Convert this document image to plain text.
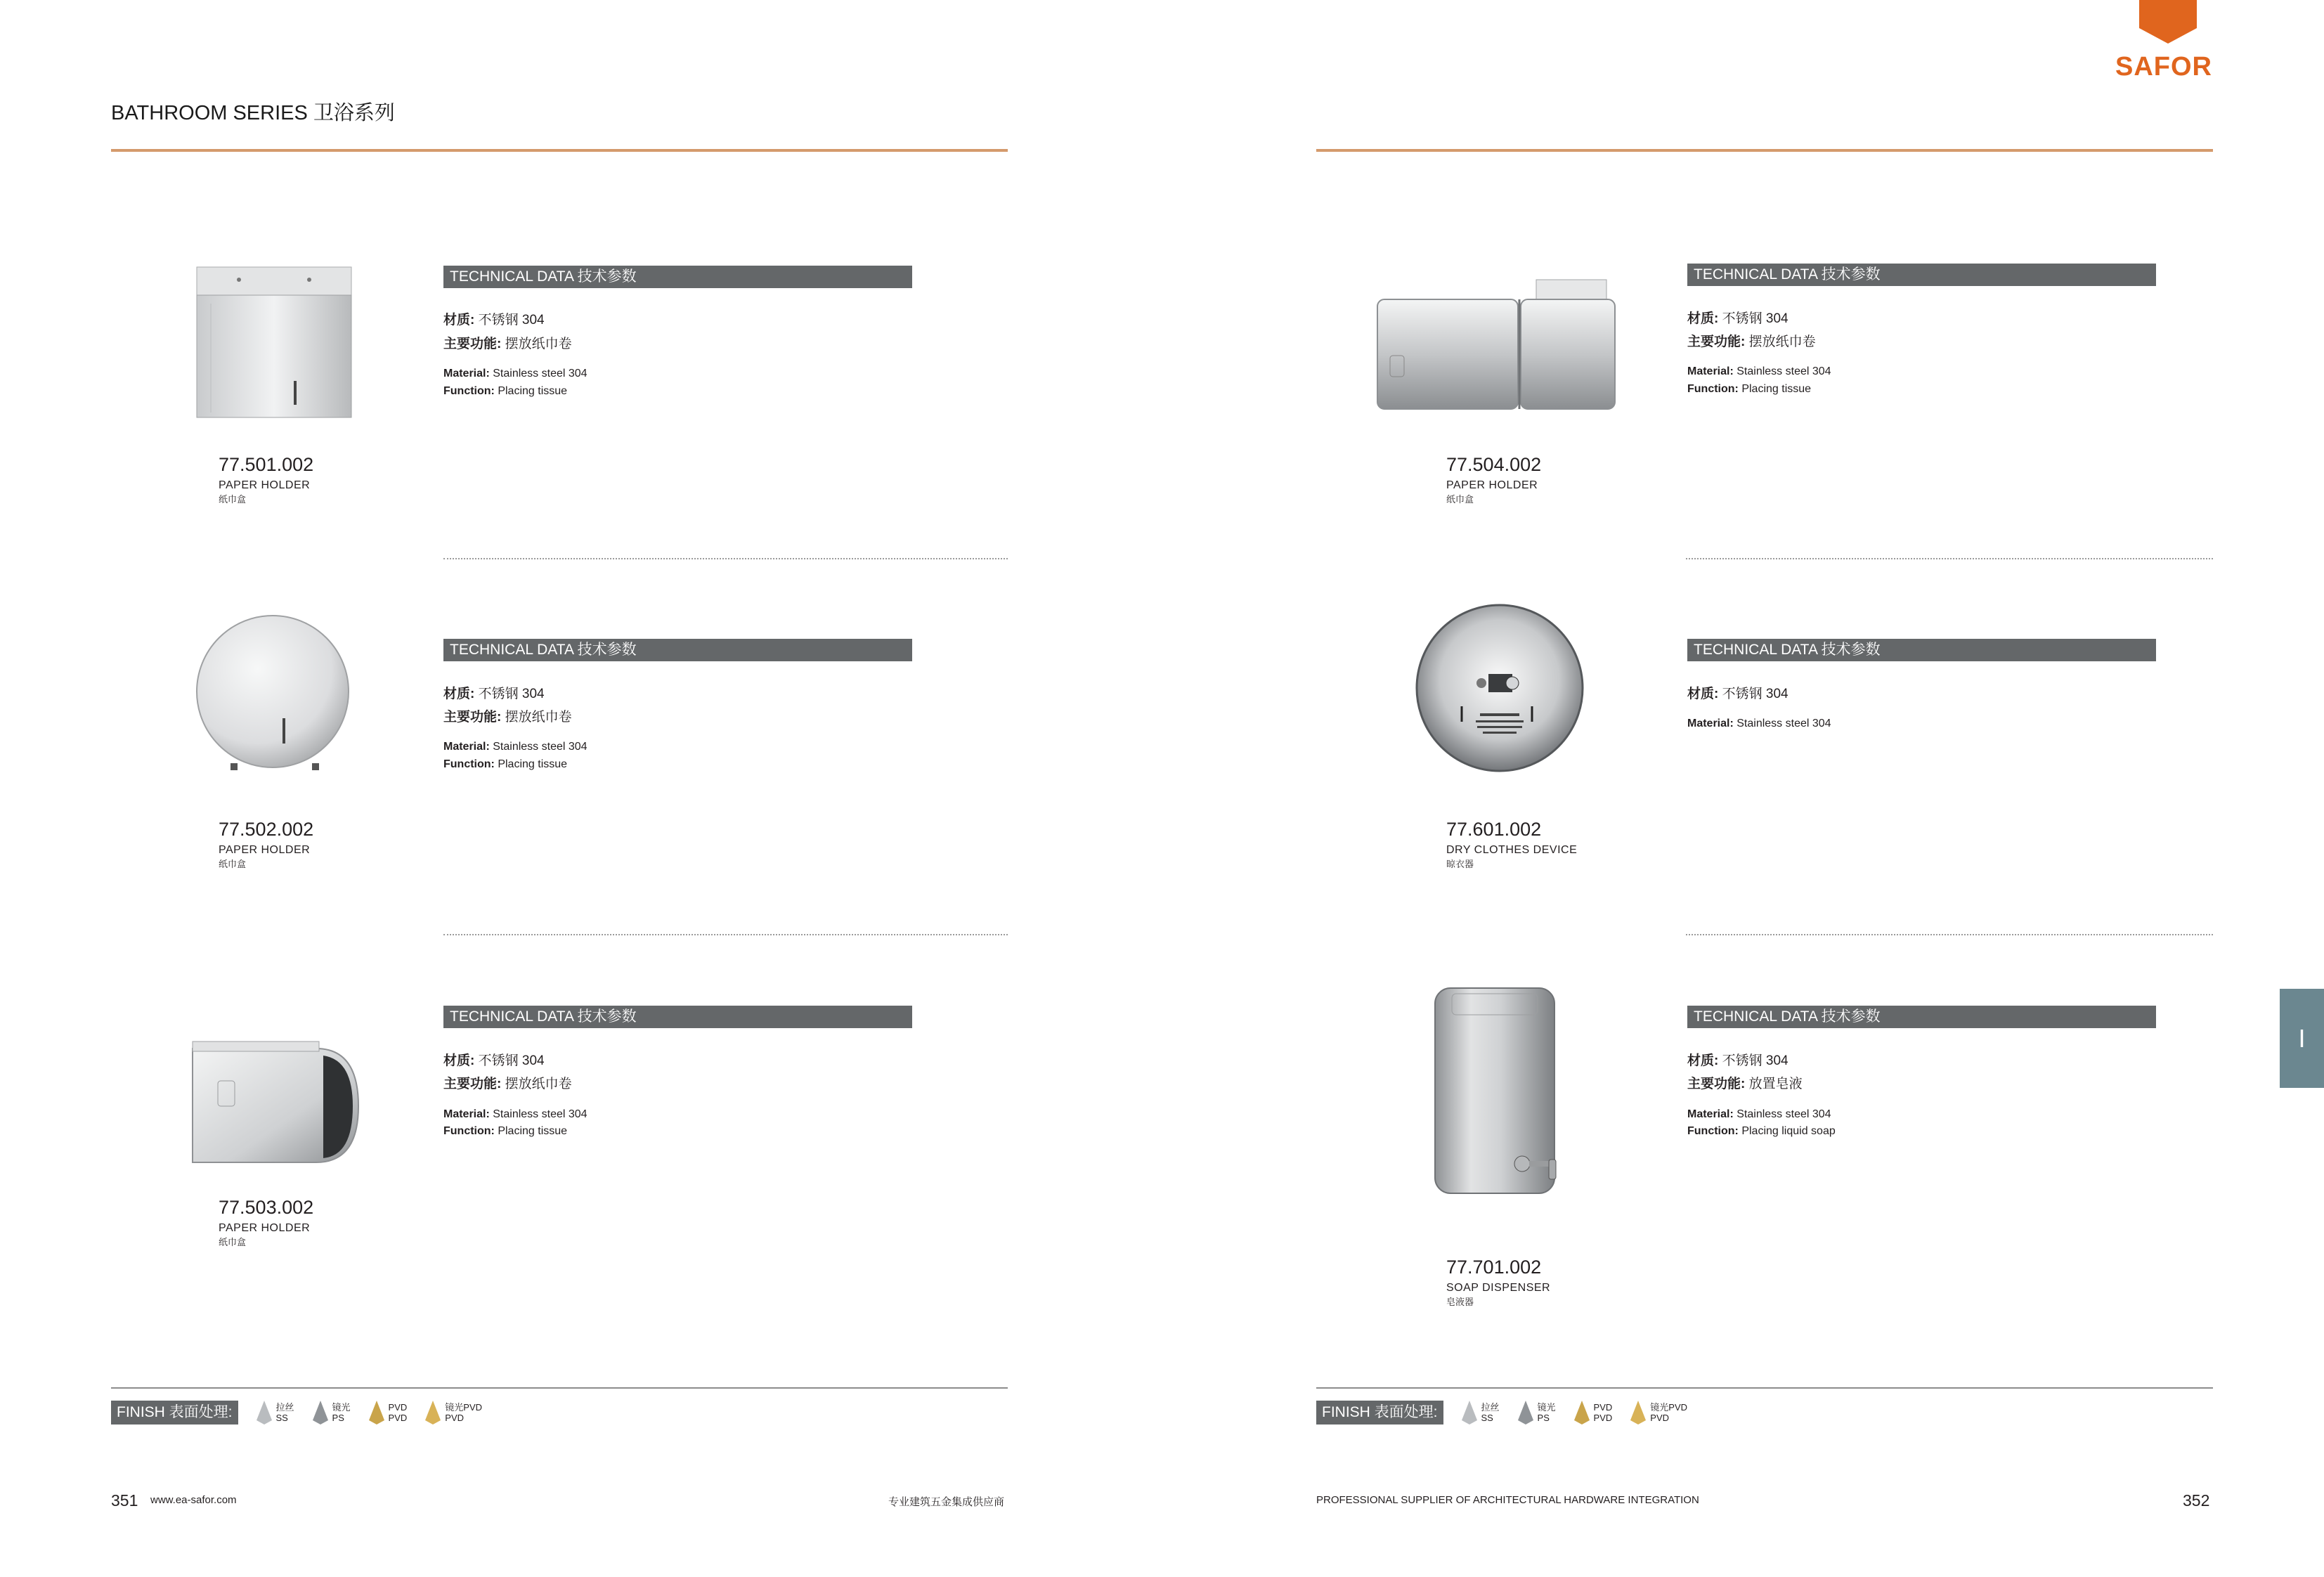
BATHROOM SERIES 卫浴系列
SAFOR
I
TECHNICAL DATA 技术参数
材质: 不锈钢 304
主要功能: 摆放纸巾卷
Material: Stainless steel 304
Function: Placing tissue
77.501.002
PAPER HOLDER
纸巾盒
TECHNICAL DATA 技术参数
材质: 不锈钢 304
主要功能: 摆放纸巾卷
Material: Stainless steel 304
Function: Placing tissue
77.502.002
PAPER HOLDER
纸巾盒
TECHNICAL DATA 技术参数
材质: 不锈钢 304
主要功能: 摆放纸巾卷
Material: Stainless steel 304
Function: Placing tissue
77.503.002
PAPER HOLDER
纸巾盒
FINISH 表面处理:	拉丝
SS
镜光
PS
PVD
PVD
镜光PVD
PVD
351 www.ea-safor.com	专业建筑五金集成供应商
TECHNICAL DATA 技术参数
材质: 不锈钢 304
主要功能: 摆放纸巾卷
Material: Stainless steel 304
Function: Placing tissue
77.504.002
PAPER HOLDER
纸巾盒
TECHNICAL DATA 技术参数
材质: 不锈钢 304
Material: Stainless steel 304
77.601.002
DRY CLOTHES DEVICE
晾衣器
TECHNICAL DATA 技术参数
材质: 不锈钢 304
主要功能: 放置皂液
Material: Stainless steel 304
Function: Placing liquid soap
77.701.002
SOAP DISPENSER
皂液器
FINISH 表面处理:	拉丝
SS
镜光
PS
PVD
PVD
镜光PVD
PVD
PROFESSIONAL SUPPLIER OF ARCHITECTURAL HARDWARE INTEGRATION	352
